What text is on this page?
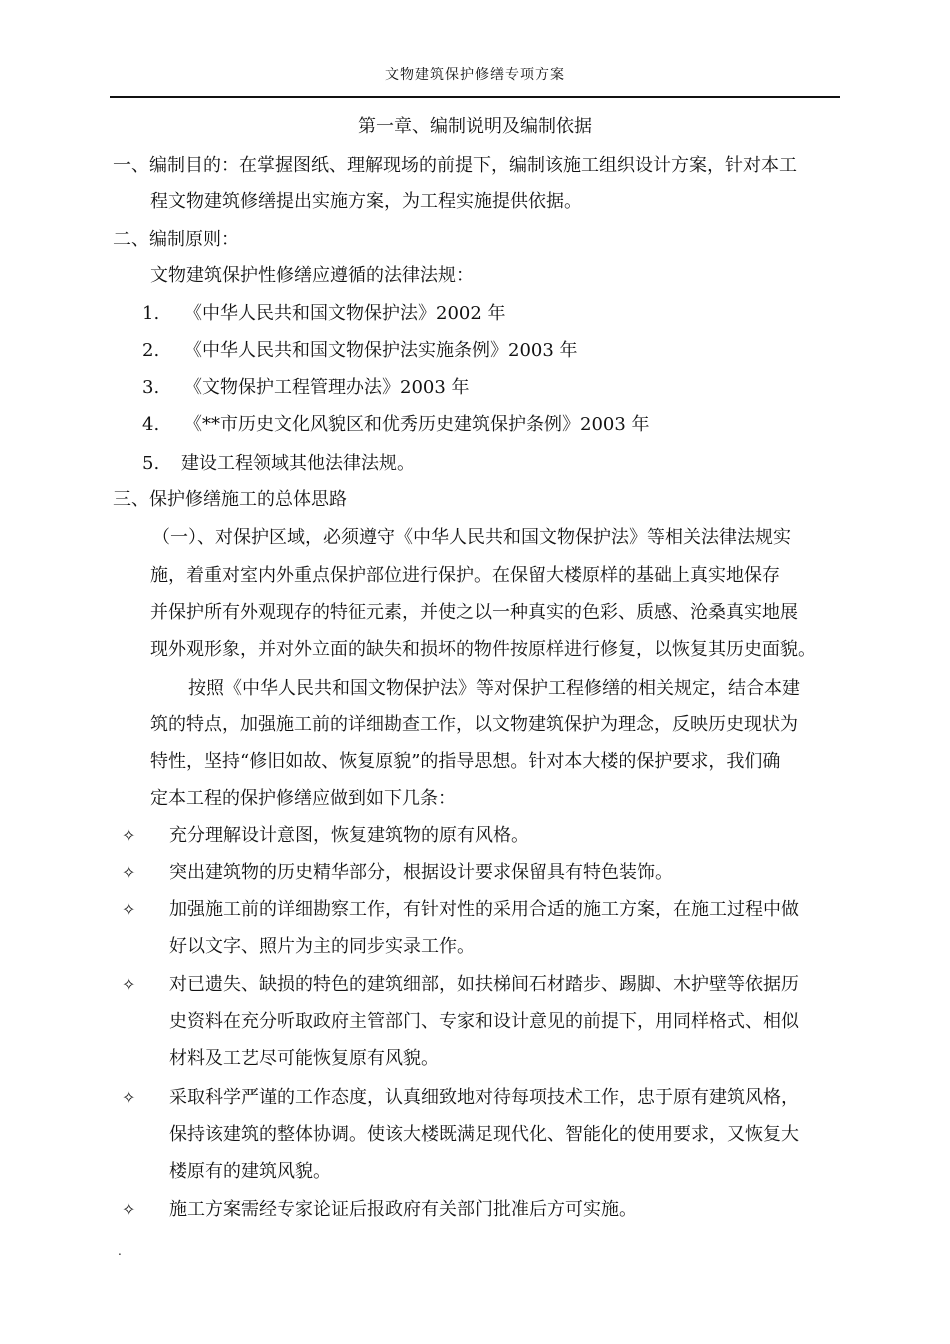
文物建筑保护修缮专项方案
第一章、编制说明及编制依据
一、编制目的：在掌握图纸、理解现场的前提下，编制该施工组织设计方案，针对本工
程文物建筑修缮提出实施方案，为工程实施提供依据。
二、编制原则：
文物建筑保护性修缮应遵循的法律法规：
1. 《中华人民共和国文物保护法》2002 年
2. 《中华人民共和国文物保护法实施条例》2003 年
3. 《文物保护工程管理办法》2003 年
4. 《**市历史文化风貌区和优秀历史建筑保护条例》2003 年
5. 建设工程领域其他法律法规。
三、保护修缮施工的总体思路
（一）、对保护区域，必须遵守《中华人民共和国文物保护法》等相关法律法规实
施，着重对室内外重点保护部位进行保护。在保留大楼原样的基础上真实地保存
并保护所有外观现存的特征元素，并使之以一种真实的色彩、质感、沧桑真实地展
现外观形象，并对外立面的缺失和损坏的物件按原样进行修复，以恢复其历史面貌。
按照《中华人民共和国文物保护法》等对保护工程修缮的相关规定，结合本建
筑的特点，加强施工前的详细勘查工作，以文物建筑保护为理念，反映历史现状为
特性，坚持“修旧如故、恢复原貌”的指导思想。针对本大楼的保护要求，我们确
定本工程的保护修缮应做到如下几条：
✧ 充分理解设计意图，恢复建筑物的原有风格。
✧ 突出建筑物的历史精华部分，根据设计要求保留具有特色装饰。
✧ 加强施工前的详细勘察工作，有针对性的采用合适的施工方案，在施工过程中做
好以文字、照片为主的同步实录工作。
✧ 对已遗失、缺损的特色的建筑细部，如扶梯间石材踏步、踢脚、木护壁等依据历
史资料在充分听取政府主管部门、专家和设计意见的前提下，用同样格式、相似
材料及工艺尽可能恢复原有风貌。
✧ 采取科学严谨的工作态度，认真细致地对待每项技术工作，忠于原有建筑风格，
保持该建筑的整体协调。使该大楼既满足现代化、智能化的使用要求，又恢复大
楼原有的建筑风貌。
✧ 施工方案需经专家论证后报政府有关部门批准后方可实施。
.
